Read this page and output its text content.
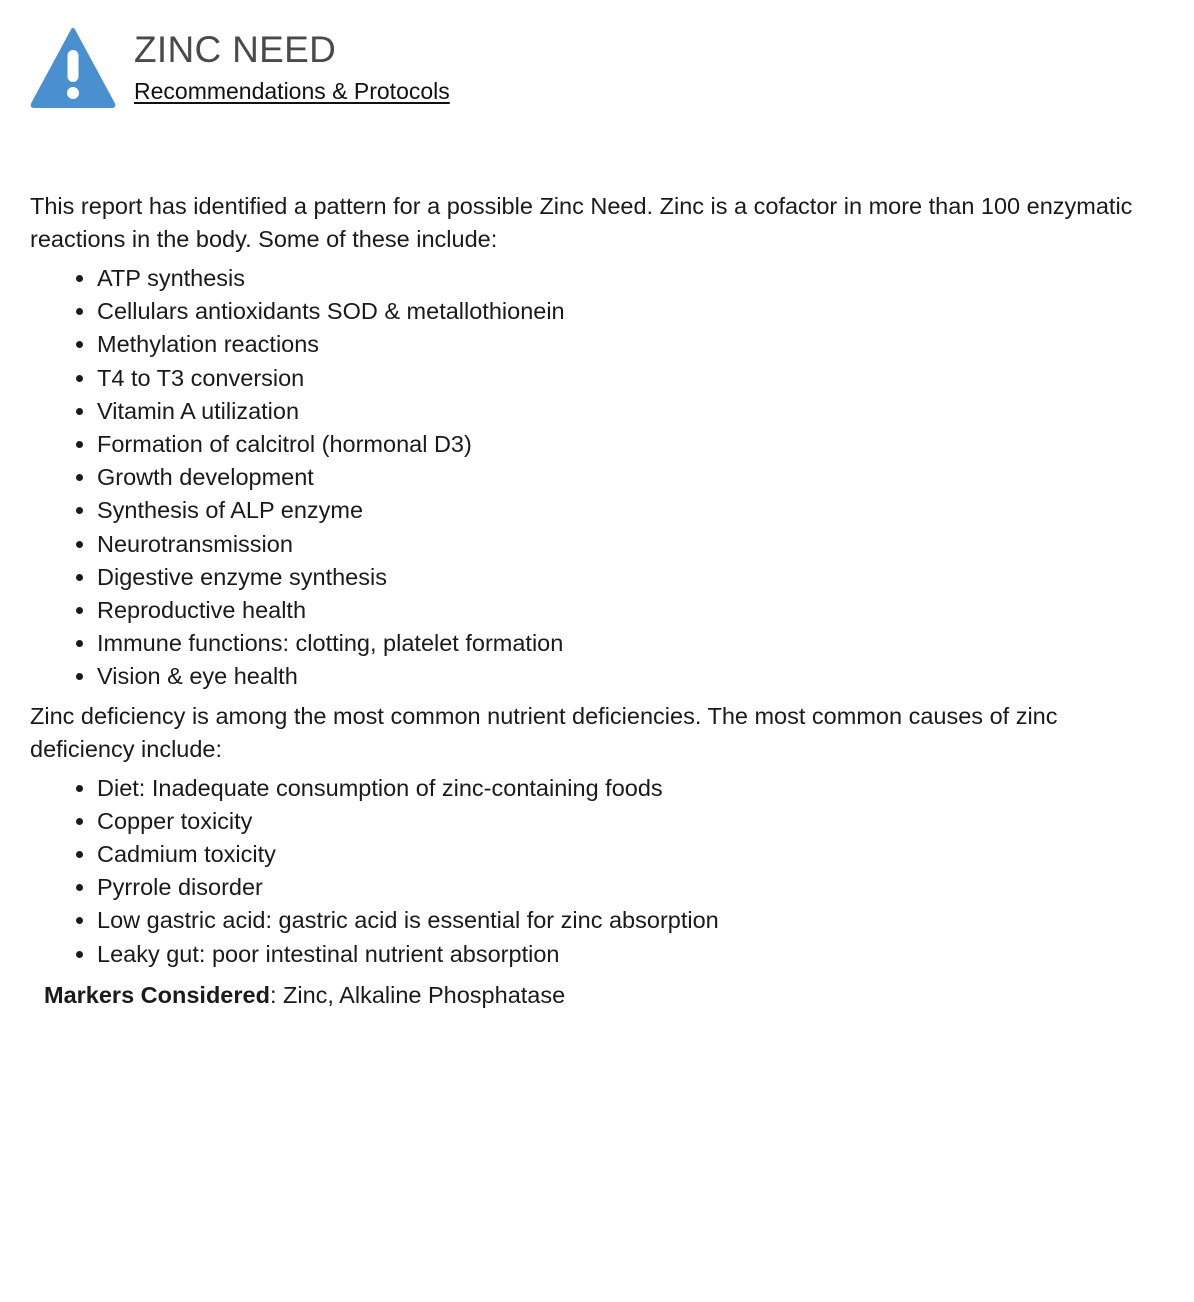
ZINC NEED
Recommendations & Protocols

This report has identified a pattern for a possible Zinc Need. Zinc is a cofactor in more than 100 enzymatic reactions in the body. Some of these include:

• ATP synthesis
• Cellulars antioxidants SOD & metallothionein
• Methylation reactions
• T4 to T3 conversion
• Vitamin A utilization
• Formation of calcitrol (hormonal D3)
• Growth development
• Synthesis of ALP enzyme
• Neurotransmission
• Digestive enzyme synthesis
• Reproductive health
• Immune functions: clotting, platelet formation
• Vision & eye health

Zinc deficiency is among the most common nutrient deficiencies. The most common causes of zinc deficiency include:

• Diet: Inadequate consumption of zinc-containing foods
• Copper toxicity
• Cadmium toxicity
• Pyrrole disorder
• Low gastric acid: gastric acid is essential for zinc absorption
• Leaky gut: poor intestinal nutrient absorption
Markers Considered: Zinc, Alkaline Phosphatase
